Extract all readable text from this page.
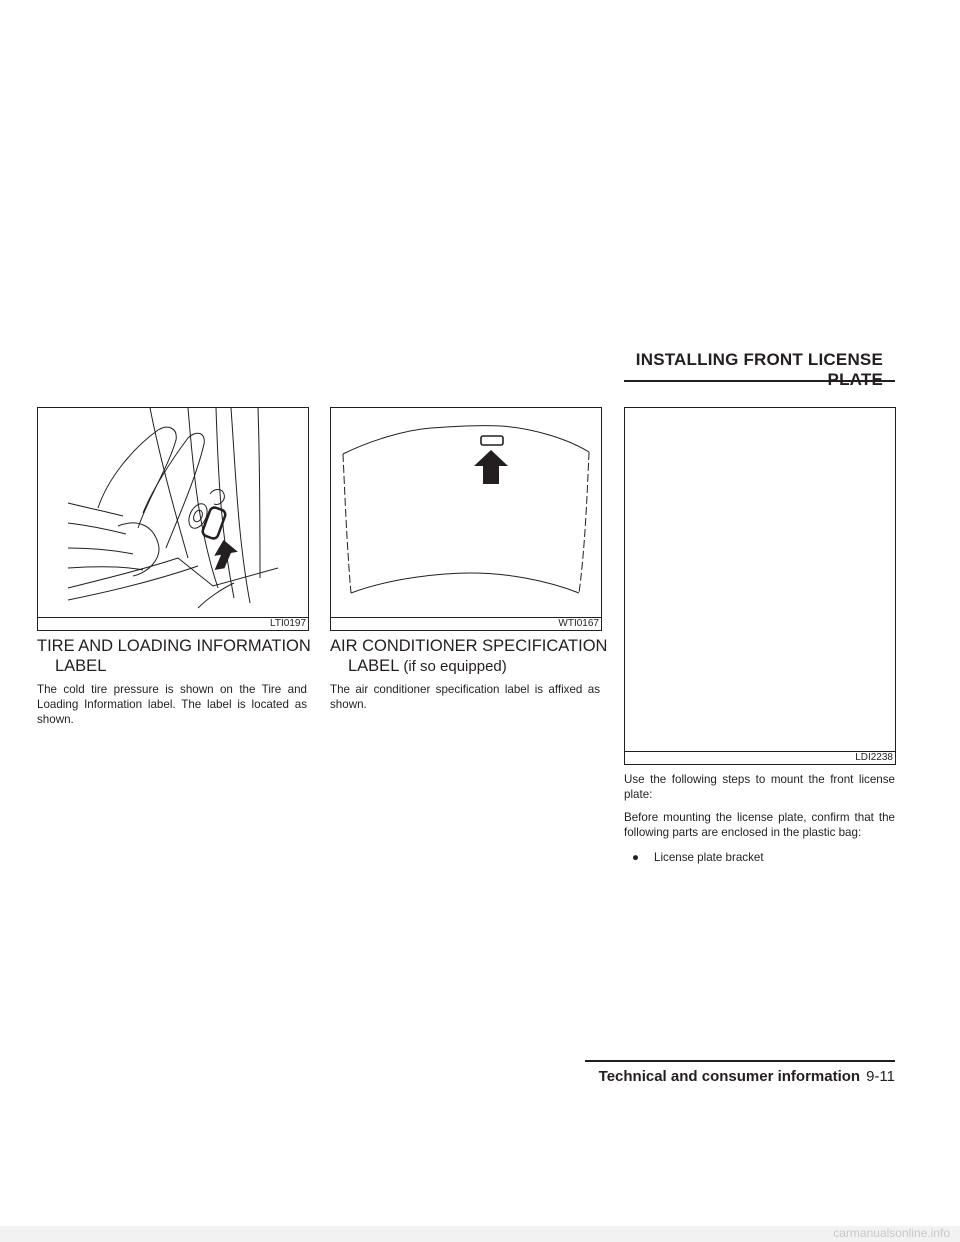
INSTALLING FRONT LICENSE
LTI0197	WTI0167
LDI2238
TIRE AND LOADING INFORMATION
LABEL
The cold tire pressure is shown on the Tire and Loading Information label. The label is located as shown.
AIR CONDITIONER SPECIFICATION
LABEL (if so equipped)
The air conditioner specification label is affixed as shown.
Use the following steps to mount the front license plate:
Before mounting the license plate, confirm that the following parts are enclosed in the plastic bag:
● License plate bracket
Technical and consumer information 9-11
carmanualsonline.info
